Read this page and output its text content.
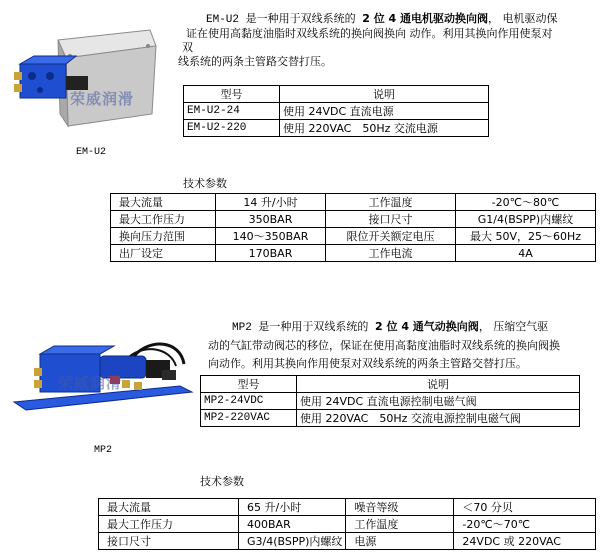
荣威润滑
EM-U2
EM-U2 是一种用于双线系统的 2 位 4 通电机驱动换向阀， 电机驱动保
证在使用高黏度油脂时双线系统的换向阀换向 动作。利用其换向作用使泵对
双
线系统的两条主管路交替打压。
型号	说明
EM-U2-24	使用 24VDC 直流电源
EM-U2-220	使用 220VAC　50Hz 交流电源
技术参数
最大流量	14 升/小时	工作温度	-20℃～80℃
最大工作压力	350BAR	接口尺寸	G1/4(BSPP)内螺纹
换向压力范围	140～350BAR	限位开关额定电压	最大 50V，25～60Hz
出厂设定	170BAR	工作电流	4A
荣威润滑
MP2
MP2 是一种用于双线系统的 2 位 4 通气动换向阀， 压缩空气驱
动的气缸带动阀芯的移位，保证在使用高黏度油脂时双线系统的换向阀换
向动作。利用其换向作用使泵对双线系统的两条主管路交替打压。
型号	说明
MP2-24VDC	使用 24VDC 直流电源控制电磁气阀
MP2-220VAC	使用 220VAC　50Hz 交流电源控制电磁气阀
技术参数
最大流量	65 升/小时	噪音等级	＜70 分贝
最大工作压力	400BAR	工作温度	-20℃～70℃
接口尺寸	G3/4(BSPP)内螺纹	电源	24VDC 或 220VAC
